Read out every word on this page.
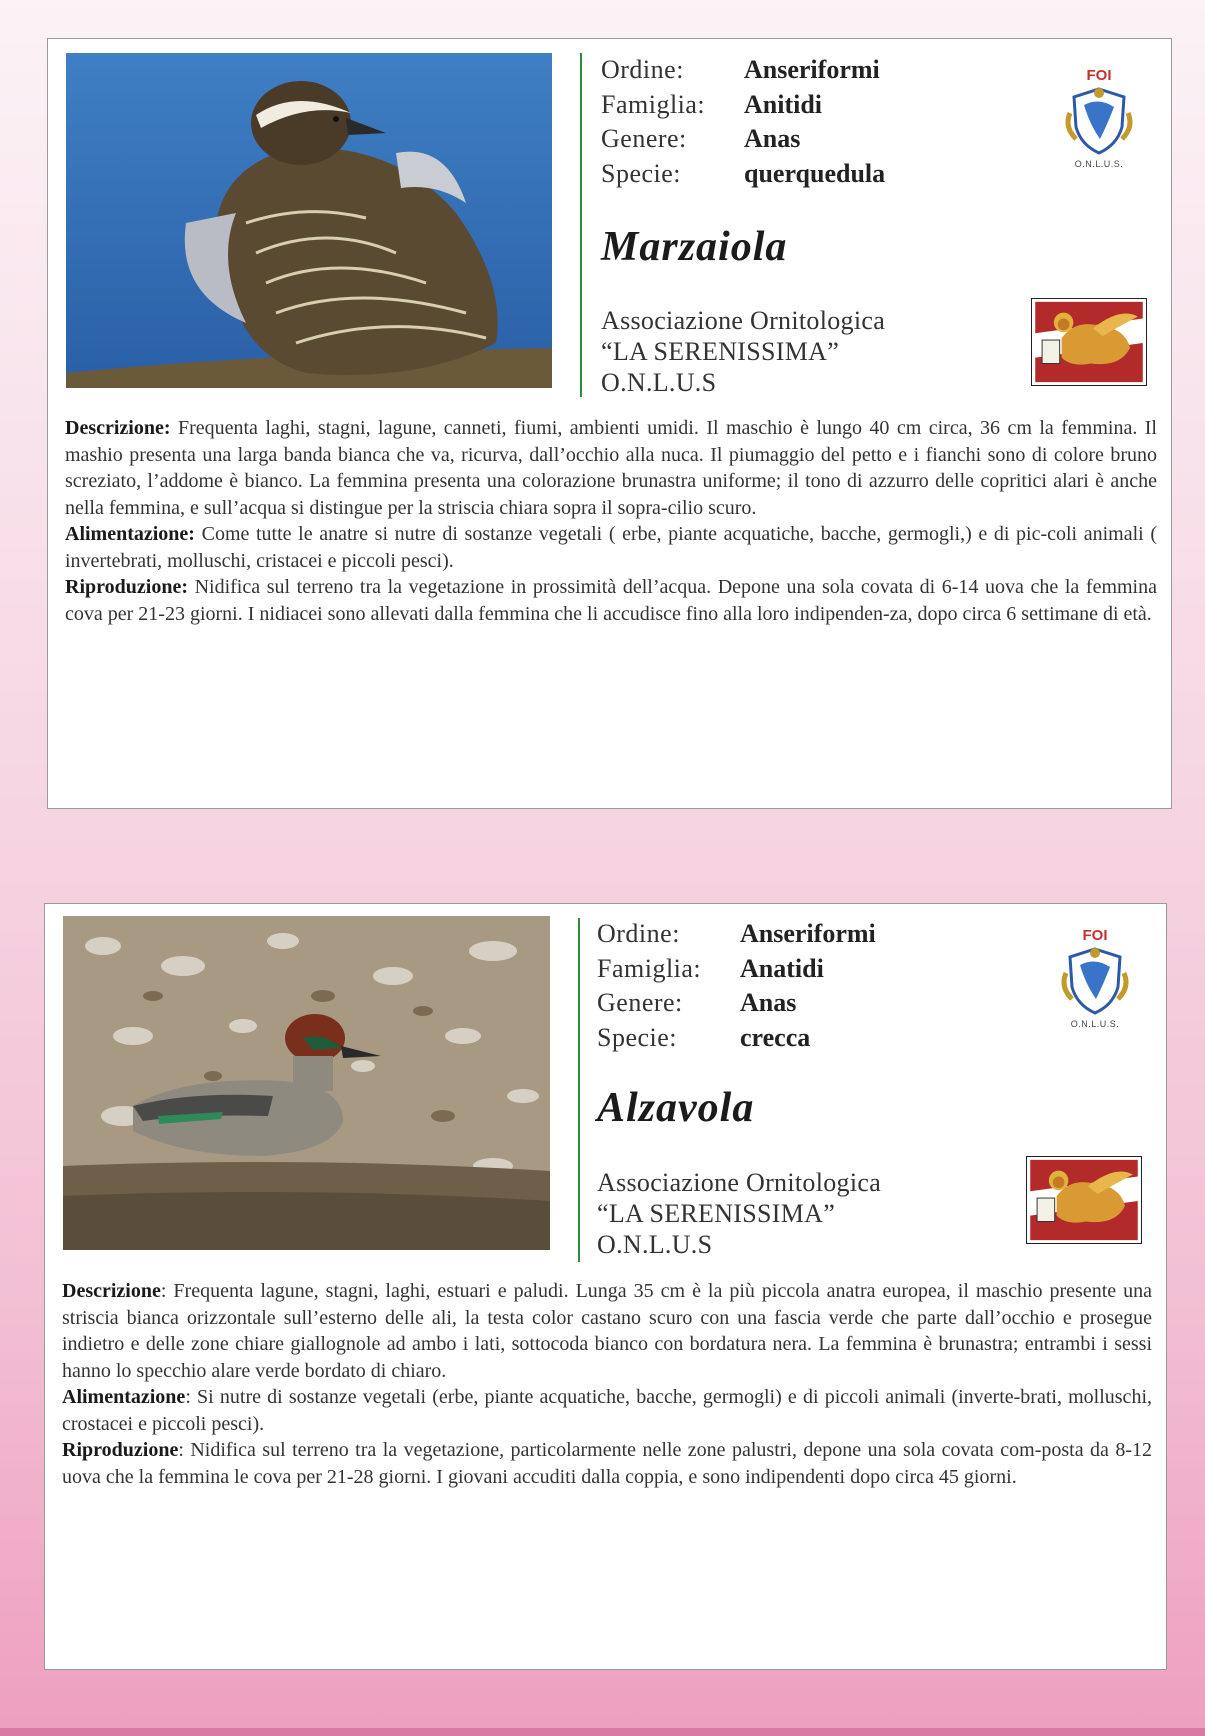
Ordine:	Anseriformi
Famiglia:	Anitidi
Genere:	Anas
Specie:	querquedula
FOI
O.N.L.U.S.
Marzaiola
Associazione Ornitologica
“LA SERENISSIMA”
O.N.L.U.S

Descrizione: Frequenta laghi, stagni, lagune, canneti, fiumi, ambienti umidi. Il maschio è lungo 40 cm circa, 36 cm la femmina. Il mashio presenta una larga banda bianca che va, ricurva, dall’occhio alla nuca. Il piumaggio del petto e i fianchi sono di colore bruno screziato, l’addome è bianco. La femmina presenta una colorazione brunastra uniforme; il tono di azzurro delle copritici alari è anche nella femmina, e sull’acqua si distingue per la striscia chiara sopra il sopra-cilio scuro.

Alimentazione: Come tutte le anatre si nutre di sostanze vegetali ( erbe, piante acquatiche, bacche, germogli,) e di pic-coli animali ( invertebrati, molluschi, cristacei e piccoli pesci).

Riproduzione: Nidifica sul terreno tra la vegetazione in prossimità dell’acqua. Depone una sola covata di 6-14 uova che la femmina cova per 21-23 giorni. I nidiacei sono allevati dalla femmina che li accudisce fino alla loro indipenden-za, dopo circa 6 settimane di età.

Ordine:	Anseriformi
Famiglia:	Anatidi
Genere:	Anas
Specie:	crecca
FOI
O.N.L.U.S.
Alzavola
Associazione Ornitologica
“LA SERENISSIMA”
O.N.L.U.S

Descrizione: Frequenta lagune, stagni, laghi, estuari e paludi. Lunga 35 cm è la più piccola anatra europea, il maschio presente una striscia bianca orizzontale sull’esterno delle ali, la testa color castano scuro con una fascia verde che parte dall’occhio e prosegue indietro e delle zone chiare giallognole ad ambo i lati, sottocoda bianco con bordatura nera. La femmina è brunastra; entrambi i sessi hanno lo specchio alare verde bordato di chiaro.

Alimentazione: Si nutre di sostanze vegetali (erbe, piante acquatiche, bacche, germogli) e di piccoli animali (inverte-brati, molluschi, crostacei e piccoli pesci).

Riproduzione: Nidifica sul terreno tra la vegetazione, particolarmente nelle zone palustri, depone una sola covata com-posta da 8-12 uova che la femmina le cova per 21-28 giorni. I giovani accuditi dalla coppia, e sono indipendenti dopo circa 45 giorni.
